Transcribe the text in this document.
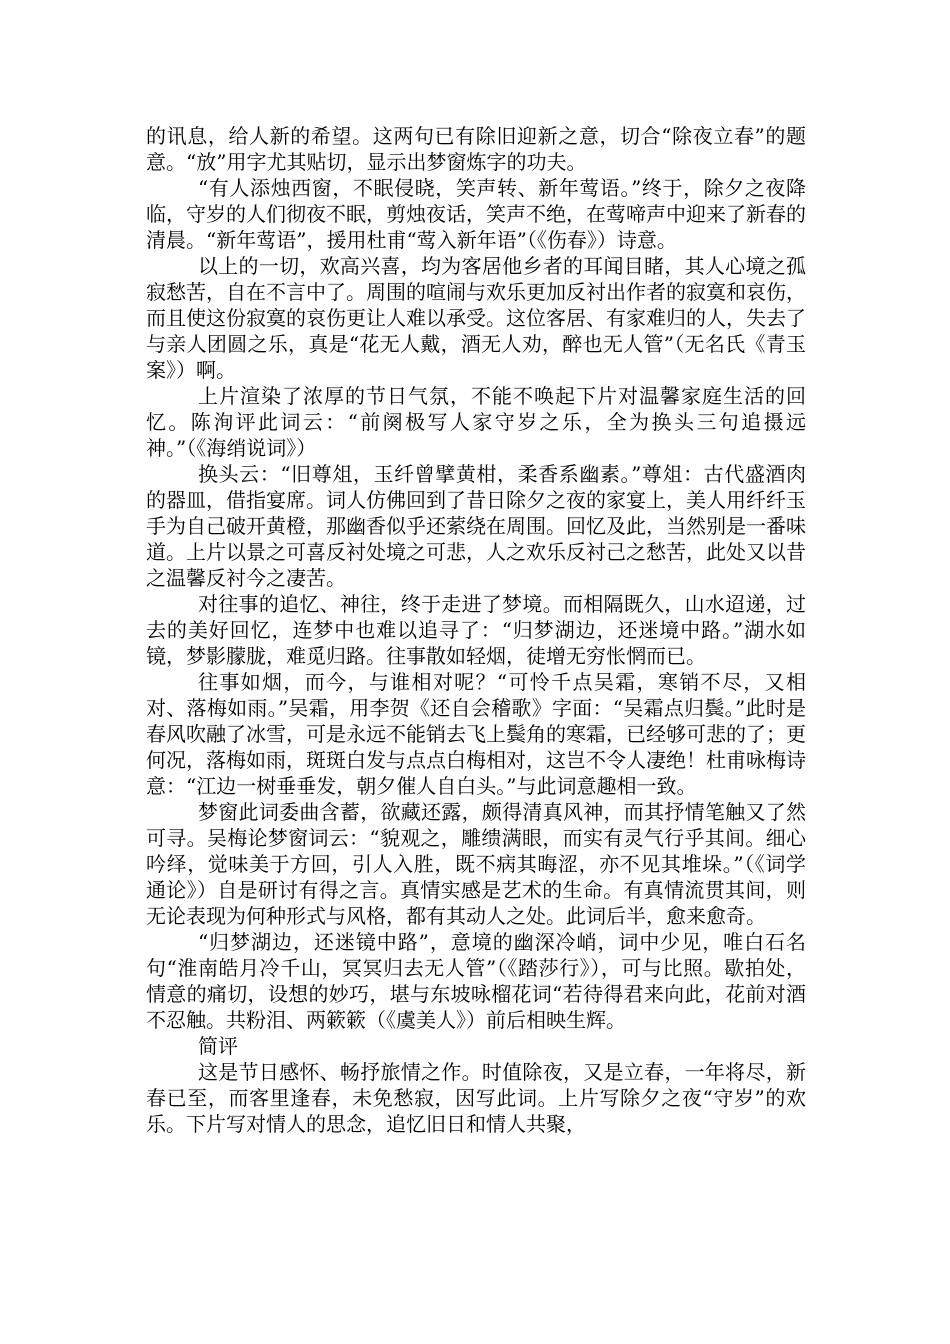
的讯息，给人新的希望。这两句已有除旧迎新之意，切合“除夜立春”的题意。“放”用字尤其贴切，显示出梦窗炼字的功夫。

“有人添烛西窗，不眠侵晓，笑声转、新年莺语。”终于，除夕之夜降临，守岁的人们彻夜不眠，剪烛夜话，笑声不绝，在莺啼声中迎来了新春的清晨。“新年莺语”，援用杜甫“莺入新年语”（《伤春》）诗意。

以上的一切，欢高兴喜，均为客居他乡者的耳闻目睹，其人心境之孤寂愁苦，自在不言中了。周围的喧闹与欢乐更加反衬出作者的寂寞和哀伤，而且使这份寂寞的哀伤更让人难以承受。这位客居、有家难归的人，失去了与亲人团圆之乐，真是“花无人戴，酒无人劝，醉也无人管”（无名氏《青玉案》）啊。

上片渲染了浓厚的节日气氛，不能不唤起下片对温馨家庭生活的回忆。陈洵评此词云：“前阕极写人家守岁之乐，全为换头三句追摄远神。”（《海绡说词》）

换头云：“旧尊俎，玉纤曾擘黄柑，柔香系幽素。”尊俎：古代盛酒肉的器皿，借指宴席。词人仿佛回到了昔日除夕之夜的家宴上，美人用纤纤玉手为自己破开黄橙，那幽香似乎还萦绕在周围。回忆及此，当然别是一番味道。上片以景之可喜反衬处境之可悲，人之欢乐反衬己之愁苦，此处又以昔之温馨反衬今之凄苦。

对往事的追忆、神往，终于走进了梦境。而相隔既久，山水迢递，过去的美好回忆，连梦中也难以追寻了：“归梦湖边，还迷境中路。”湖水如镜，梦影朦胧，难觅归路。往事散如轻烟，徒增无穷怅惘而已。

往事如烟，而今，与谁相对呢？“可怜千点吴霜，寒销不尽，又相对、落梅如雨。”吴霜，用李贺《还自会稽歌》字面：“吴霜点归鬓。”此时是春风吹融了冰雪，可是永远不能销去飞上鬓角的寒霜，已经够可悲的了；更何况，落梅如雨，斑斑白发与点点白梅相对，这岂不令人凄绝！杜甫咏梅诗意：“江边一树垂垂发，朝夕催人自白头。”与此词意趣相一致。

梦窗此词委曲含蓄，欲藏还露，颇得清真风神，而其抒情笔触又了然可寻。吴梅论梦窗词云：“貌观之，雕缋满眼，而实有灵气行乎其间。细心吟绎，觉味美于方回，引人入胜，既不病其晦涩，亦不见其堆垛。”（《词学通论》）自是研讨有得之言。真情实感是艺术的生命。有真情流贯其间，则无论表现为何种形式与风格，都有其动人之处。此词后半，愈来愈奇。

“归梦湖边，还迷镜中路”，意境的幽深冷峭，词中少见，唯白石名句“淮南皓月冷千山，冥冥归去无人管”（《踏莎行》），可与比照。歇拍处，情意的痛切，设想的妙巧，堪与东坡咏榴花词“若待得君来向此，花前对酒不忍触。共粉泪、两簌簌（《虞美人》）前后相映生辉。

简评

这是节日感怀、畅抒旅情之作。时值除夜，又是立春，一年将尽，新春已至，而客里逢春，未免愁寂，因写此词。上片写除夕之夜“守岁”的欢乐。下片写对情人的思念，追忆旧日和情人共聚，
